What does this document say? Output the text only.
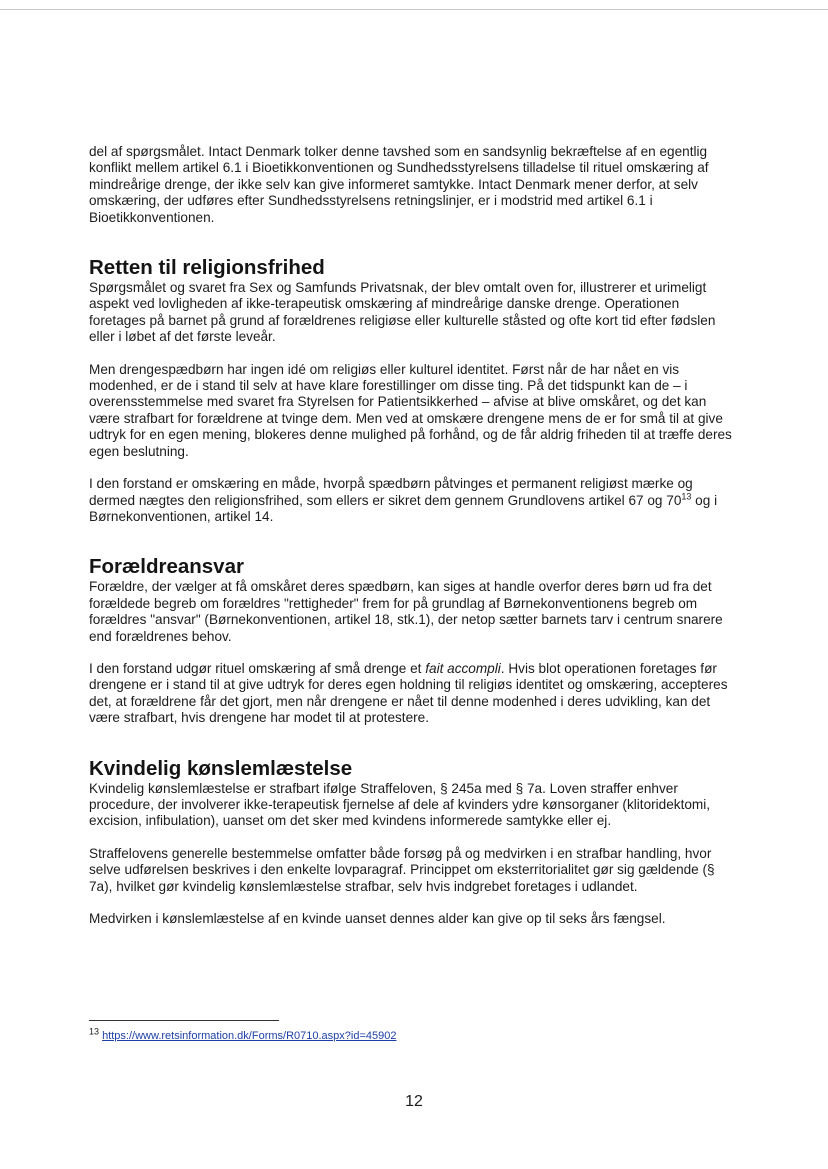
del af spørgsmålet. Intact Denmark tolker denne tavshed som en sandsynlig bekræftelse af en egentlig konflikt mellem artikel 6.1 i Bioetikkonventionen og Sundhedsstyrelsens tilladelse til rituel omskæring af mindreårige drenge, der ikke selv kan give informeret samtykke. Intact Denmark mener derfor, at selv omskæring, der udføres efter Sundhedsstyrelsens retningslinjer, er i modstrid med artikel 6.1 i Bioetikkonventionen.

Retten til religionsfrihed

Spørgsmålet og svaret fra Sex og Samfunds Privatsnak, der blev omtalt oven for, illustrerer et urimeligt aspekt ved lovligheden af ikke-terapeutisk omskæring af mindreårige danske drenge. Operationen foretages på barnet på grund af forældrenes religiøse eller kulturelle ståsted og ofte kort tid efter fødslen eller i løbet af det første leveår.

Men drengespædbørn har ingen idé om religiøs eller kulturel identitet. Først når de har nået en vis modenhed, er de i stand til selv at have klare forestillinger om disse ting. På det tidspunkt kan de – i overensstemmelse med svaret fra Styrelsen for Patientsikkerhed – afvise at blive omskåret, og det kan være strafbart for forældrene at tvinge dem. Men ved at omskære drengene mens de er for små til at give udtryk for en egen mening, blokeres denne mulighed på forhånd, og de får aldrig friheden til at træffe deres egen beslutning.

I den forstand er omskæring en måde, hvorpå spædbørn påtvinges et permanent religiøst mærke og dermed nægtes den religionsfrihed, som ellers er sikret dem gennem Grundlovens artikel 67 og $70^{13}$ og i Børnekonventionen, artikel 14.

Forældreansvar

Forældre, der vælger at få omskåret deres spædbørn, kan siges at handle overfor deres børn ud fra det forældede begreb om forældres "rettigheder" frem for på grundlag af Børnekonventionens begreb om forældres "ansvar" (Børnekonventionen, artikel 18, stk.1), der netop sætter barnets tarv i centrum snarere end forældrenes behov.

I den forstand udgør rituel omskæring af små drenge et fait accompli. Hvis blot operationen foretages før drengene er i stand til at give udtryk for deres egen holdning til religiøs identitet og omskæring, accepteres det, at forældrene får det gjort, men når drengene er nået til denne modenhed i deres udvikling, kan det være strafbart, hvis drengene har modet til at protestere.

Kvindelig kønslemlæstelse

Kvindelig kønslemlæstelse er strafbart ifølge Straffeloven, § 245a med § 7a. Loven straffer enhver procedure, der involverer ikke-terapeutisk fjernelse af dele af kvinders ydre kønsorganer (klitoridektomi, excision, infibulation), uanset om det sker med kvindens informerede samtykke eller ej.

Straffelovens generelle bestemmelse omfatter både forsøg på og medvirken i en strafbar handling, hvor selve udførelsen beskrives i den enkelte lovparagraf. Princippet om eksterritorialitet gør sig gældende (§ 7a), hvilket gør kvindelig kønslemlæstelse strafbar, selv hvis indgrebet foretages i udlandet.

Medvirken i kønslemlæstelse af en kvinde uanset dennes alder kan give op til seks års fængsel.

$^{13}$ https://www.retsinformation.dk/Forms/R0710.aspx?id=45902
12
